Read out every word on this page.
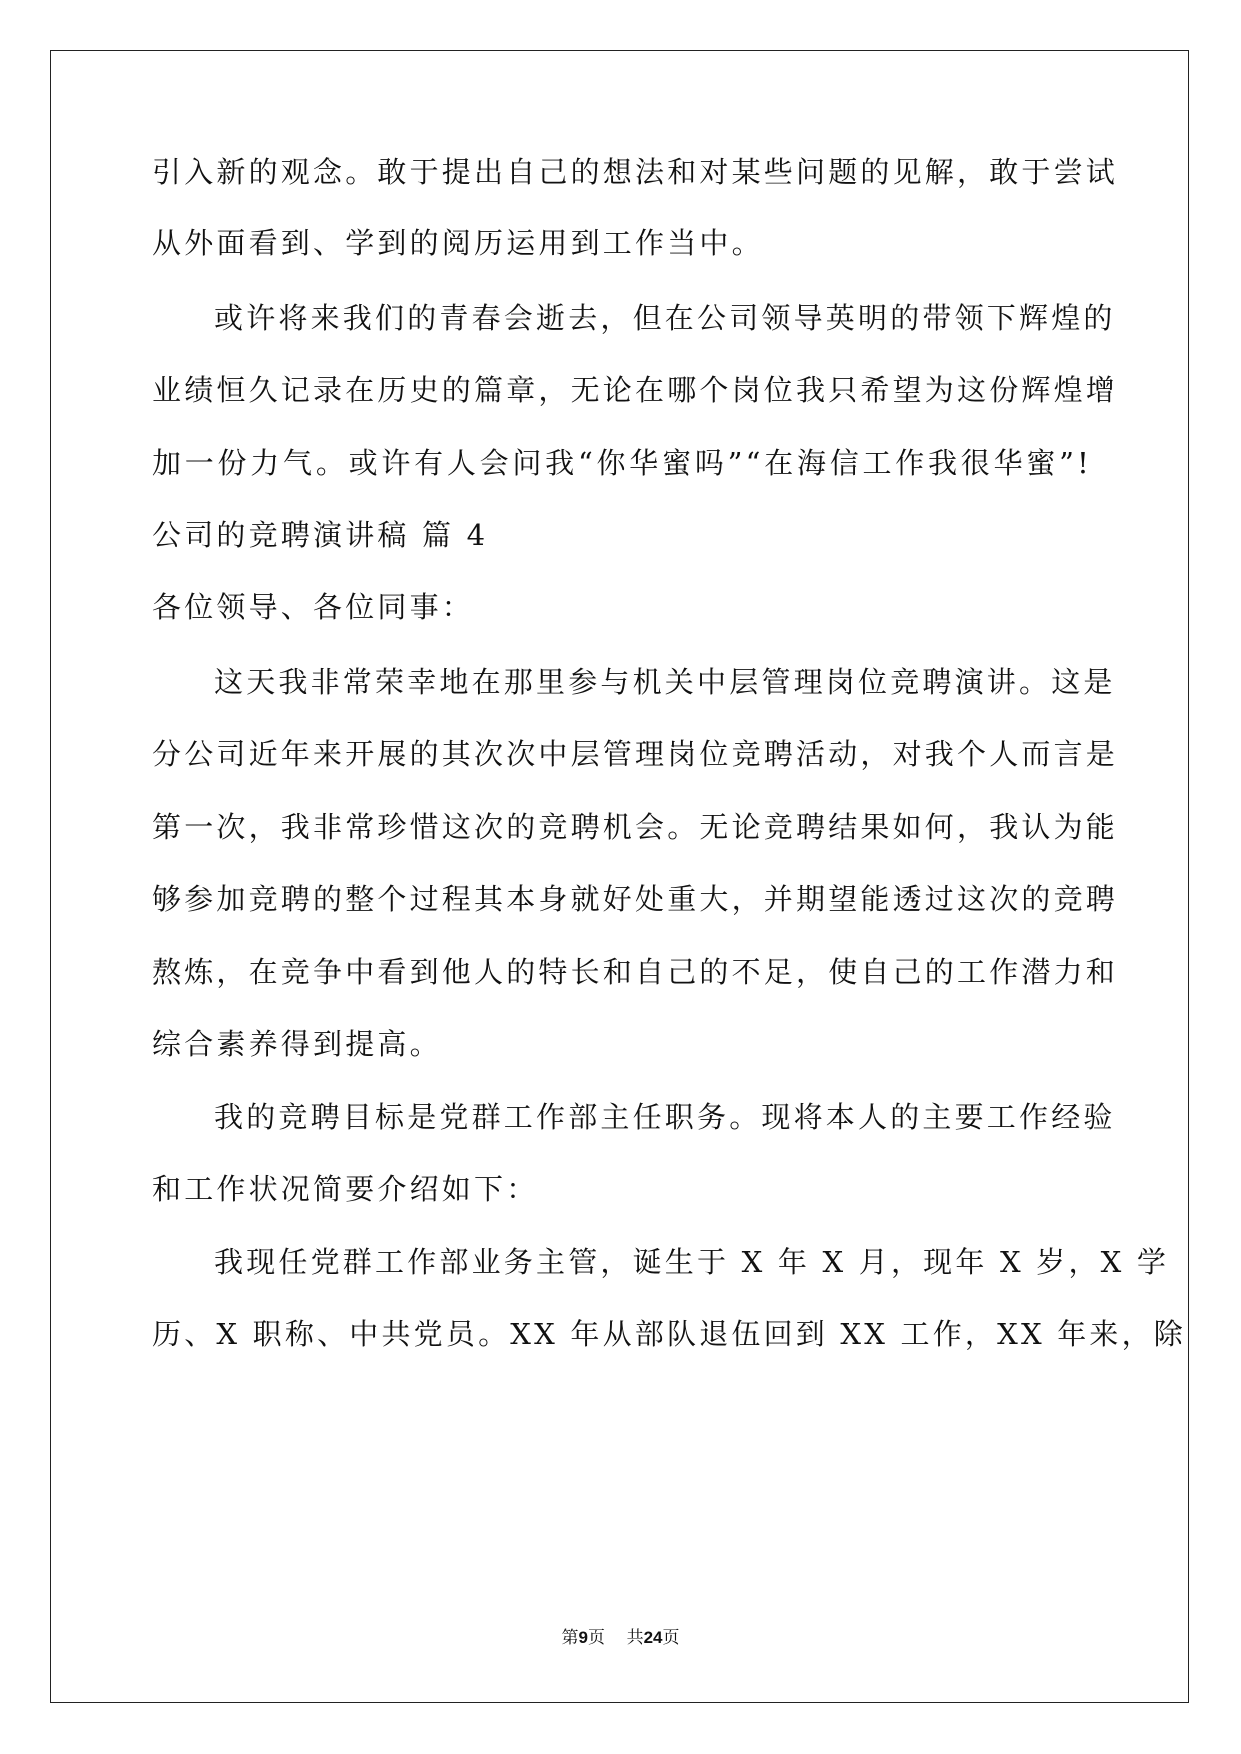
引入新的观念。敢于提出自己的想法和对某些问题的见解，敢于尝试
从外面看到、学到的阅历运用到工作当中。
或许将来我们的青春会逝去，但在公司领导英明的带领下辉煌的
业绩恒久记录在历史的篇章，无论在哪个岗位我只希望为这份辉煌增
加一份力气。或许有人会问我“你华蜜吗”“在海信工作我很华蜜”!
公司的竞聘演讲稿 篇 4
各位领导、各位同事：
这天我非常荣幸地在那里参与机关中层管理岗位竞聘演讲。这是
分公司近年来开展的其次次中层管理岗位竞聘活动，对我个人而言是
第一次，我非常珍惜这次的竞聘机会。无论竞聘结果如何，我认为能
够参加竞聘的整个过程其本身就好处重大，并期望能透过这次的竞聘
熬炼，在竞争中看到他人的特长和自己的不足，使自己的工作潜力和
综合素养得到提高。
我的竞聘目标是党群工作部主任职务。现将本人的主要工作经验
和工作状况简要介绍如下：
我现任党群工作部业务主管，诞生于 X 年 X 月，现年 X 岁，X 学
历、X 职称、中共党员。XX 年从部队退伍回到 XX 工作，XX 年来，除
第9页 共24页
